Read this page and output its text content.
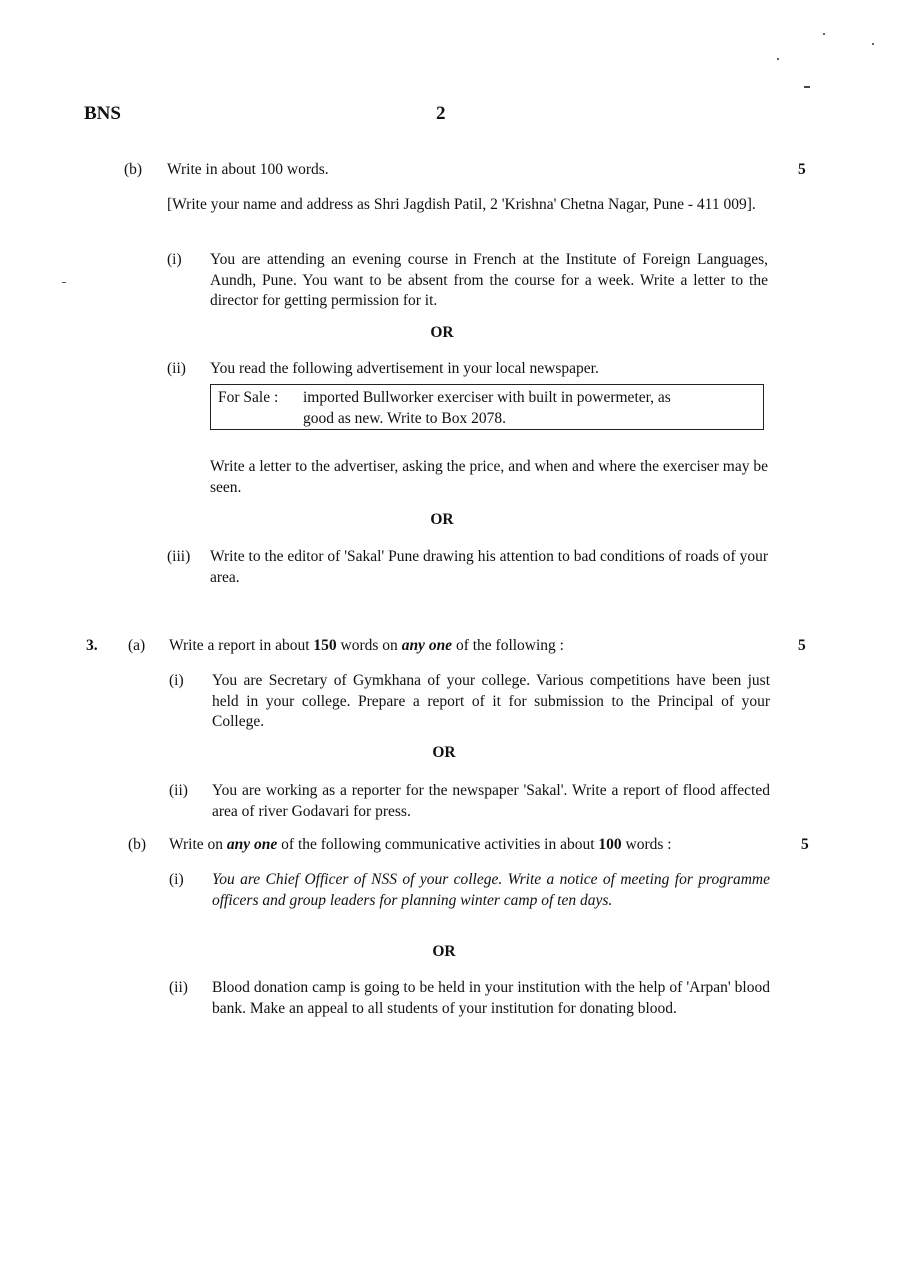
BNS	2
(b) Write in about 100 words.	5
[Write your name and address as Shri Jagdish Patil, 2 'Krishna' Chetna Nagar, Pune - 411 009].
(i) You are attending an evening course in French at the Institute of Foreign Languages, Aundh, Pune. You want to be absent from the course for a week. Write a letter to the director for getting permission for it.
OR
(ii) You read the following advertisement in your local newspaper.
For Sale : imported Bullworker exerciser with built in powermeter, as
good as new. Write to Box 2078.
Write a letter to the advertiser, asking the price, and when and where the exerciser may be seen.
OR
(iii) Write to the editor of 'Sakal' Pune drawing his attention to bad conditions of roads of your area.
3. (a) Write a report in about 150 words on any one of the following :	5
(i) You are Secretary of Gymkhana of your college. Various competitions have been just held in your college. Prepare a report of it for submission to the Principal of your College.
OR
(ii) You are working as a reporter for the newspaper 'Sakal'. Write a report of flood affected area of river Godavari for press.
(b) Write on any one of the following communicative activities in about 100 words :	5
(i) You are Chief Officer of NSS of your college. Write a notice of meeting for programme officers and group leaders for planning winter camp of ten days.
OR
(ii) Blood donation camp is going to be held in your institution with the help of 'Arpan' blood bank. Make an appeal to all students of your institution for donating blood.
